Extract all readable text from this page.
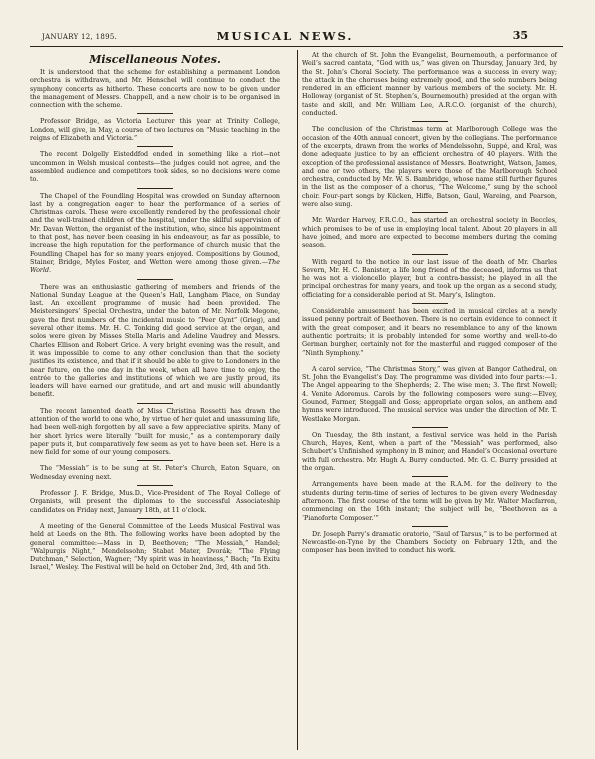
JANUARY 12, 1895.	MUSICAL NEWS.	35
Miscellaneous Notes.

It is understood that the scheme for establishing a permanent London orchestra is withdrawn, and Mr. Henschel will continue to conduct the symphony concerts as hitherto. These concerts are now to be given under the management of Messrs. Chappell, and a new choir is to be organised in connection with the scheme.

Professor Bridge, as Victoria Lecturer this year at Trinity College, London, will give, in May, a course of two lectures on “Music teaching in the reigns of Elizabeth and Victoria.”

The recent Dolgelly Eisteddfod ended in something like a riot—not uncommon in Welsh musical contests—the judges could not agree, and the assembled audience and competitors took sides, so no decisions were come to.

The Chapel of the Foundling Hospital was crowded on Sunday afternoon last by a congregation eager to hear the performance of a series of Christmas carols. These were excellently rendered by the professional choir and the well-trained children of the hospital, under the skilful supervision of Mr. Davan Wetton, the organist of the institution, who, since his appointment to that post, has never been ceasing in his endeavour, as far as possible, to increase the high reputation for the performance of church music that the Foundling Chapel has for so many years enjoyed. Compositions by Gounod, Stainer, Bridge, Myles Foster, and Wetton were among those given.—The World.

There was an enthusiastic gathering of members and friends of the National Sunday League at the Queen’s Hall, Langham Place, on Sunday last. An excellent programme of music had been provided. The Meistersingers’ Special Orchestra, under the baton of Mr. Norfolk Megone, gave the first numbers of the incidental music to “Peer Gynt” (Grieg), and several other items. Mr. H. C. Tonking did good service at the organ, and solos were given by Misses Stella Maris and Adeline Vaudrey and Messrs. Charles Ellison and Robert Grice. A very bright evening was the result, and it was impossible to come to any other conclusion than that the society justifies its existence, and that if it should be able to give to Londoners in the near future, on the one day in the week, when all have time to enjoy, the entrée to the galleries and institutions of which we are justly proud, its leaders will have earned our gratitude, and art and music will abundantly benefit.

The recent lamented death of Miss Christina Rossetti has drawn the attention of the world to one who, by virtue of her quiet and unassuming life, had been well-nigh forgotten by all save a few appreciative spirits. Many of her short lyrics were literally “built for music,” as a contemporary daily paper puts it, but comparatively few seem as yet to have been set. Here is a new field for some of our young composers.

The “Messiah” is to be sung at St. Peter’s Church, Eaton Square, on Wednesday evening next.

Professor J. F. Bridge, Mus.D., Vice-President of The Royal College of Organists, will present the diplomas to the successful Associateship candidates on Friday next, January 18th, at 11 o’clock.

A meeting of the General Committee of the Leeds Musical Festival was held at Leeds on the 8th. The following works have been adopted by the general committee:—Mass in D, Beethoven; “The Messiah,” Handel; “Walpurgis Night,” Mendelssohn; Stabat Mater, Dvorák; “The Flying Dutchman,” Selection, Wagner; “My spirit was in heaviness,” Bach; “In Exitu Israel,” Wesley. The Festival will be held on October 2nd, 3rd, 4th and 5th.

At the church of St. John the Evangelist, Bournemouth, a performance of Weil’s sacred cantata, “God with us,” was given on Thursday, January 3rd, by the St. John’s Choral Society. The performance was a success in every way; the attack in the choruses being extremely good, and the solo numbers being rendered in an efficient manner by various members of the society. Mr. H. Holloway (organist of St. Stephen’s, Bournemouth) presided at the organ with taste and skill, and Mr. William Lee, A.R.C.O. (organist of the church), conducted.

The conclusion of the Christmas term at Marlborough College was the occasion of the 40th annual concert, given by the collegians. The performance of the excerpts, drawn from the works of Mendelssohn, Suppé, and Kral, was done adequate justice to by an efficient orchestra of 40 players. With the exception of the professional assistance of Messrs. Boatwright, Watson, James, and one or two others, the players were those of the Marlborough School orchestra, conducted by Mr. W. S. Bambridge, whose name still further figures in the list as the composer of a chorus, “The Welcome,” sung by the school choir. Four-part songs by Kücken, Hiffe, Batson, Gaul, Wareing, and Pearson, were also sung.

Mr. Warder Harvey, F.R.C.O., has started an orchestral society in Beccles, which promises to be of use in employing local talent. About 20 players in all have joined, and more are expected to become members during the coming season.

With regard to the notice in our last issue of the death of Mr. Charles Severn, Mr. H. C. Banister, a life long friend of the deceased, informs us that he was not a violoncello player, but a contra-bassist; he played in all the principal orchestras for many years, and took up the organ as a second study, officiating for a considerable period at St. Mary’s, Islington.

Considerable amusement has been excited in musical circles at a newly issued penny portrait of Beethoven. There is no certain evidence to connect it with the great composer, and it bears no resemblance to any of the known authentic portraits; it is probably intended for some worthy and well-to-do German burgher, certainly not for the masterful and rugged composer of the “Ninth Symphony.”

A carol service, “The Christmas Story,” was given at Bangor Cathedral, on St. John the Evangelist’s Day. The programme was divided into four parts:—1. The Angel appearing to the Shepherds; 2. The wise men; 3. The first Nowell; 4. Venite Adoremus. Carols by the following composers were sung:—Elvey, Gounod, Farmer, Steggall and Goss; appropriate organ solos, an anthem and hymns were introduced. The musical service was under the direction of Mr. T. Westlake Morgan.

On Tuesday, the 8th instant, a festival service was held in the Parish Church, Hayes, Kent, when a part of the “Messiah” was performed, also Schubert’s Unfinished symphony in B minor, and Handel’s Occasional overture with full orchestra. Mr. Hugh A. Burry conducted. Mr. G. C. Burry presided at the organ.

Arrangements have been made at the R.A.M. for the delivery to the students during term-time of series of lectures to be given every Wednesday afternoon. The first course of the term will be given by Mr. Walter Macfarren, commencing on the 16th instant; the subject will be, “Beethoven as a ‘Pianoforte Composer.’”

Dr. Joseph Parry’s dramatic oratorio, “Saul of Tarsus,” is to be performed at Newcastle-on-Tyne by the Chambers Society on February 12th, and the composer has been invited to conduct his work.
